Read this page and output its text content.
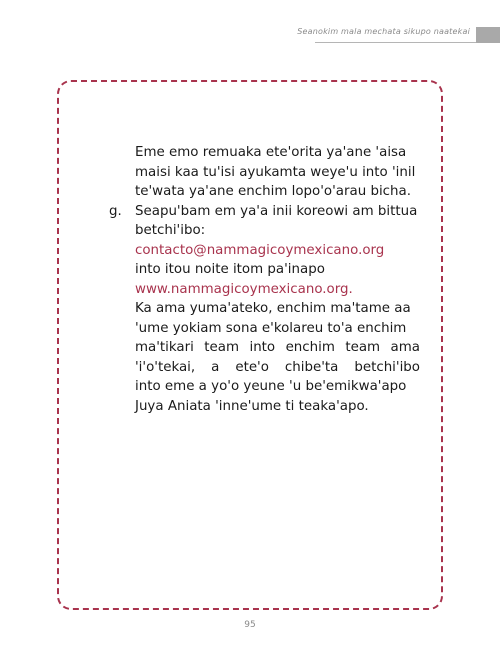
Seanokim mala mechata sikupo naatekai

Eme emo remuaka eteꞌorita ya'ane ꞌaisa
maisi kaa tuꞌisi ayukamta weye'u into ꞌinil
teꞌwata ya'ane enchim lopoꞌoꞌarau bicha.

g. Seapuꞌbam em ya'a inii koreowi am bittua
betchi'ibo:
contacto@nammagicoymexicano.org
into itou noite itom paꞌinapo
www.nammagicoymexicano.org.
Ka ama yuma'ateko, enchim maꞌtame aa
ꞌume yokiam sona eꞌkolareu toꞌa enchim
maꞌtikari team into enchim team ama
ꞌiꞌoꞌtekai, a eteꞌo chibeꞌta betchi'ibo
into eme a yo'o yeune ꞌu beꞌemikwa'apo
Juya Aniata ꞌinne'ume ti teaka'apo.

95
